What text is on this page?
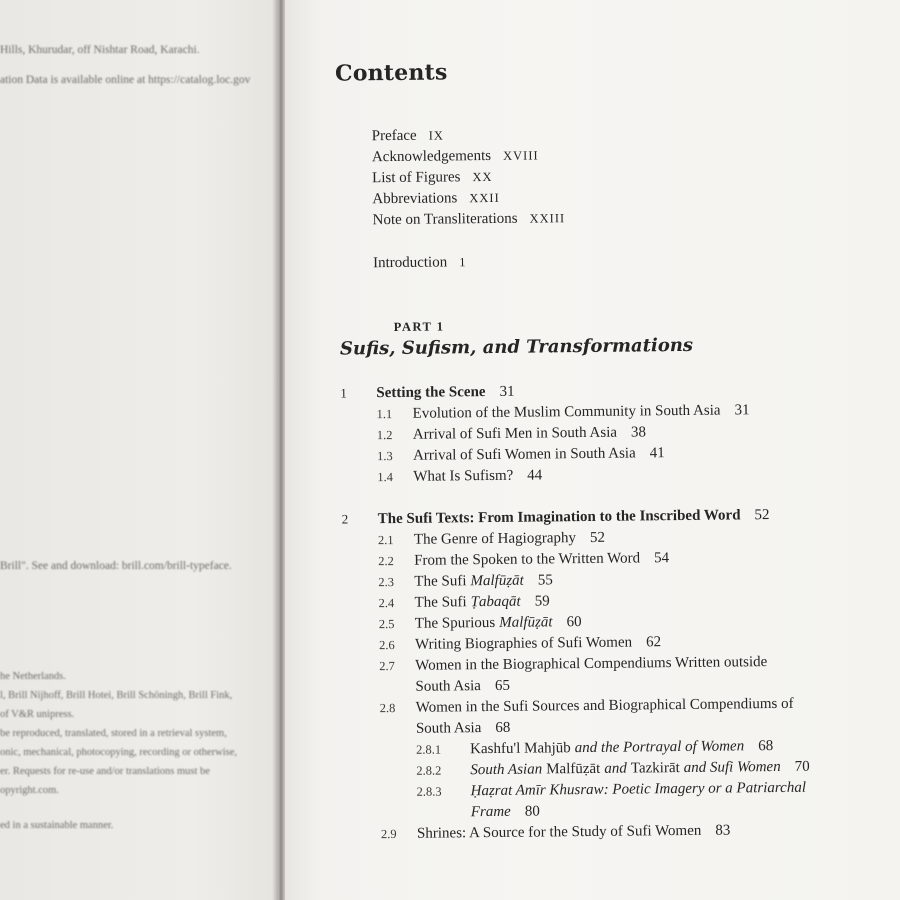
Hills, Khurudar, off Nishtar Road, Karachi.
ation Data is available online at https://catalog.loc.gov
Brill". See and download: brill.com/brill-typeface.
he Netherlands.
l, Brill Nijhoff, Brill Hotei, Brill Schöningh, Brill Fink,
of V&R unipress.
be reproduced, translated, stored in a retrieval system,
onic, mechanical, photocopying, recording or otherwise,
er. Requests for re-use and/or translations must be
opyright.com.
ed in a sustainable manner.
Contents
Preface IX
Acknowledgements XVIII
List of Figures XX
Abbreviations XXII
Note on Transliterations XXIII
Introduction 1
PART 1
Sufis, Sufism, and Transformations
1 Setting the Scene 31
1.1 Evolution of the Muslim Community in South Asia 31
1.2 Arrival of Sufi Men in South Asia 38
1.3 Arrival of Sufi Women in South Asia 41
1.4 What Is Sufism? 44
2 The Sufi Texts: From Imagination to the Inscribed Word 52
2.1 The Genre of Hagiography 52
2.2 From the Spoken to the Written Word 54
2.3 The Sufi Malfūẓāt 55
2.4 The Sufi Ṭabaqāt 59
2.5 The Spurious Malfūẓāt 60
2.6 Writing Biographies of Sufi Women 62
2.7 Women in the Biographical Compendiums Written outside
South Asia 65
2.8 Women in the Sufi Sources and Biographical Compendiums of
South Asia 68
2.8.1 Kashfu'l Mahjūb and the Portrayal of Women 68
2.8.2 South Asian Malfūẓāt and Tazkirāt and Sufi Women 70
2.8.3 Ḥaẓrat Amīr Khusraw: Poetic Imagery or a Patriarchal
Frame 80
2.9 Shrines: A Source for the Study of Sufi Women 83
